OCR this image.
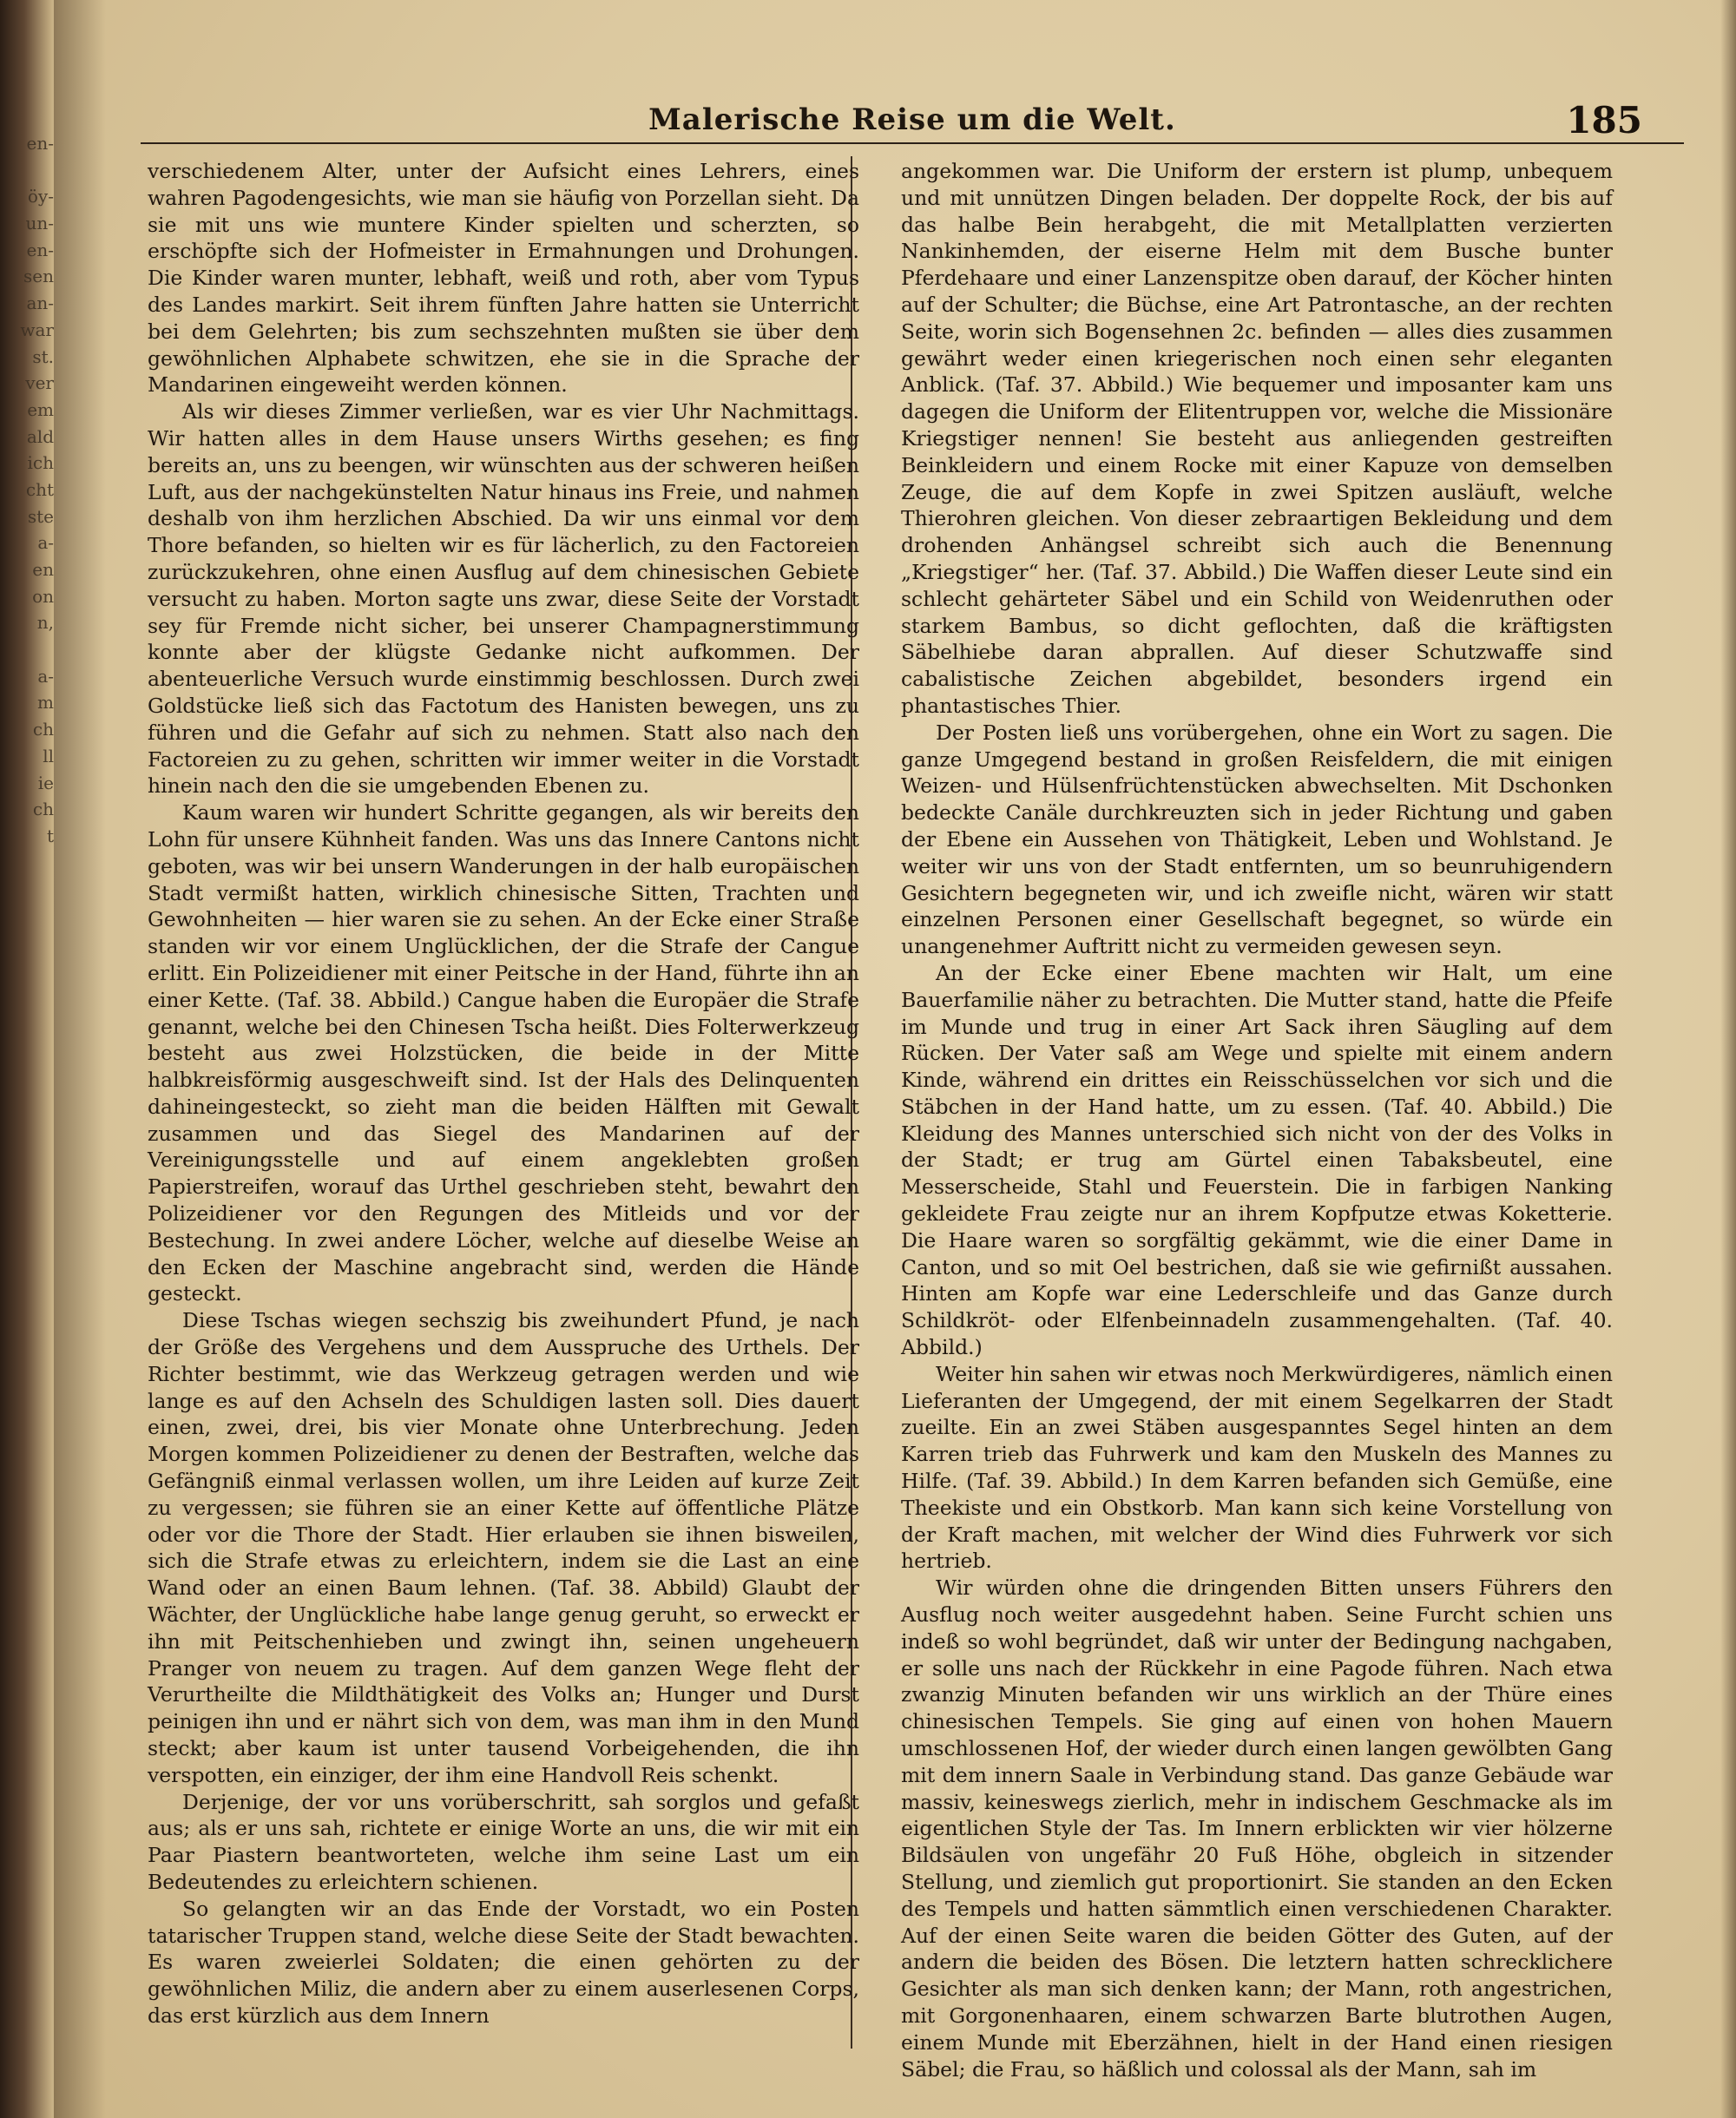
en-
öy-
un-
en-
sen
an-
war
st.
ver
em
ald
ich
cht
ste
a-
en
on
n,
a-
m
ch
ll
ie
ch
t
Malerische Reise um die Welt.	185

verschiedenem Alter, unter der Aufsicht eines Lehrers, eines wahren Pagodengesichts, wie man sie häufig von Porzellan sieht. Da sie mit uns wie muntere Kinder spielten und scherzten, so erschöpfte sich der Hofmeister in Ermahnungen und Drohungen. Die Kinder waren munter, lebhaft, weiß und roth, aber vom Typus des Landes markirt. Seit ihrem fünften Jahre hatten sie Unterricht bei dem Gelehrten; bis zum sechszehnten mußten sie über dem gewöhnlichen Alphabete schwitzen, ehe sie in die Sprache der Mandarinen eingeweiht werden können.

Als wir dieses Zimmer verließen, war es vier Uhr Nachmittags. Wir hatten alles in dem Hause unsers Wirths gesehen; es fing bereits an, uns zu beengen, wir wünschten aus der schweren heißen Luft, aus der nachgekünstelten Natur hinaus ins Freie, und nahmen deshalb von ihm herzlichen Abschied. Da wir uns einmal vor dem Thore befanden, so hielten wir es für lächerlich, zu den Factoreien zurückzukehren, ohne einen Ausflug auf dem chinesischen Gebiete versucht zu haben. Morton sagte uns zwar, diese Seite der Vorstadt sey für Fremde nicht sicher, bei unserer Champagnerstimmung konnte aber der klügste Gedanke nicht aufkommen. Der abenteuerliche Versuch wurde einstimmig beschlossen. Durch zwei Goldstücke ließ sich das Factotum des Hanisten bewegen, uns zu führen und die Gefahr auf sich zu nehmen. Statt also nach den Factoreien zu zu gehen, schritten wir immer weiter in die Vorstadt hinein nach den die sie umgebenden Ebenen zu.

Kaum waren wir hundert Schritte gegangen, als wir bereits den Lohn für unsere Kühnheit fanden. Was uns das Innere Cantons nicht geboten, was wir bei unsern Wanderungen in der halb europäischen Stadt vermißt hatten, wirklich chinesische Sitten, Trachten und Gewohnheiten — hier waren sie zu sehen. An der Ecke einer Straße standen wir vor einem Unglücklichen, der die Strafe der Cangue erlitt. Ein Polizeidiener mit einer Peitsche in der Hand, führte ihn an einer Kette. (Taf. 38. Abbild.) Cangue haben die Europäer die Strafe genannt, welche bei den Chinesen Tscha heißt. Dies Folterwerkzeug besteht aus zwei Holzstücken, die beide in der Mitte halbkreisförmig ausgeschweift sind. Ist der Hals des Delinquenten dahineingesteckt, so zieht man die beiden Hälften mit Gewalt zusammen und das Siegel des Mandarinen auf der Vereinigungsstelle und auf einem angeklebten großen Papierstreifen, worauf das Urthel geschrieben steht, bewahrt den Polizeidiener vor den Regungen des Mitleids und vor der Bestechung. In zwei andere Löcher, welche auf dieselbe Weise an den Ecken der Maschine angebracht sind, werden die Hände gesteckt.

Diese Tschas wiegen sechszig bis zweihundert Pfund, je nach der Größe des Vergehens und dem Ausspruche des Urthels. Der Richter bestimmt, wie das Werkzeug getragen werden und wie lange es auf den Achseln des Schuldigen lasten soll. Dies dauert einen, zwei, drei, bis vier Monate ohne Unterbrechung. Jeden Morgen kommen Polizeidiener zu denen der Bestraften, welche das Gefängniß einmal verlassen wollen, um ihre Leiden auf kurze Zeit zu vergessen; sie führen sie an einer Kette auf öffentliche Plätze oder vor die Thore der Stadt. Hier erlauben sie ihnen bisweilen, sich die Strafe etwas zu erleichtern, indem sie die Last an eine Wand oder an einen Baum lehnen. (Taf. 38. Abbild) Glaubt der Wächter, der Unglückliche habe lange genug geruht, so erweckt er ihn mit Peitschenhieben und zwingt ihn, seinen ungeheuern Pranger von neuem zu tragen. Auf dem ganzen Wege fleht der Verurtheilte die Mildthätigkeit des Volks an; Hunger und Durst peinigen ihn und er nährt sich von dem, was man ihm in den Mund steckt; aber kaum ist unter tausend Vorbeigehenden, die ihn verspotten, ein einziger, der ihm eine Handvoll Reis schenkt.

Derjenige, der vor uns vorüberschritt, sah sorglos und gefaßt aus; als er uns sah, richtete er einige Worte an uns, die wir mit ein Paar Piastern beantworteten, welche ihm seine Last um ein Bedeutendes zu erleichtern schienen.

So gelangten wir an das Ende der Vorstadt, wo ein Posten tatarischer Truppen stand, welche diese Seite der Stadt bewachten. Es waren zweierlei Soldaten; die einen gehörten zu der gewöhnlichen Miliz, die andern aber zu einem auserlesenen Corps, das erst kürzlich aus dem Innern

angekommen war. Die Uniform der erstern ist plump, unbequem und mit unnützen Dingen beladen. Der doppelte Rock, der bis auf das halbe Bein herabgeht, die mit Metallplatten verzierten Nankinhemden, der eiserne Helm mit dem Busche bunter Pferdehaare und einer Lanzenspitze oben darauf, der Köcher hinten auf der Schulter; die Büchse, eine Art Patrontasche, an der rechten Seite, worin sich Bogensehnen 2c. befinden — alles dies zusammen gewährt weder einen kriegerischen noch einen sehr eleganten Anblick. (Taf. 37. Abbild.) Wie bequemer und imposanter kam uns dagegen die Uniform der Elitentruppen vor, welche die Missionäre Kriegstiger nennen! Sie besteht aus anliegenden gestreiften Beinkleidern und einem Rocke mit einer Kapuze von demselben Zeuge, die auf dem Kopfe in zwei Spitzen ausläuft, welche Thierohren gleichen. Von dieser zebraartigen Bekleidung und dem drohenden Anhängsel schreibt sich auch die Benennung „Kriegstiger“ her. (Taf. 37. Abbild.) Die Waffen dieser Leute sind ein schlecht gehärteter Säbel und ein Schild von Weidenruthen oder starkem Bambus, so dicht geflochten, daß die kräftigsten Säbelhiebe daran abprallen. Auf dieser Schutzwaffe sind cabalistische Zeichen abgebildet, besonders irgend ein phantastisches Thier.

Der Posten ließ uns vorübergehen, ohne ein Wort zu sagen. Die ganze Umgegend bestand in großen Reisfeldern, die mit einigen Weizen- und Hülsenfrüchtenstücken abwechselten. Mit Dschonken bedeckte Canäle durchkreuzten sich in jeder Richtung und gaben der Ebene ein Aussehen von Thätigkeit, Leben und Wohlstand. Je weiter wir uns von der Stadt entfernten, um so beunruhigendern Gesichtern begegneten wir, und ich zweifle nicht, wären wir statt einzelnen Personen einer Gesellschaft begegnet, so würde ein unangenehmer Auftritt nicht zu vermeiden gewesen seyn.

An der Ecke einer Ebene machten wir Halt, um eine Bauerfamilie näher zu betrachten. Die Mutter stand, hatte die Pfeife im Munde und trug in einer Art Sack ihren Säugling auf dem Rücken. Der Vater saß am Wege und spielte mit einem andern Kinde, während ein drittes ein Reisschüsselchen vor sich und die Stäbchen in der Hand hatte, um zu essen. (Taf. 40. Abbild.) Die Kleidung des Mannes unterschied sich nicht von der des Volks in der Stadt; er trug am Gürtel einen Tabaksbeutel, eine Messerscheide, Stahl und Feuerstein. Die in farbigen Nanking gekleidete Frau zeigte nur an ihrem Kopfputze etwas Koketterie. Die Haare waren so sorgfältig gekämmt, wie die einer Dame in Canton, und so mit Oel bestrichen, daß sie wie gefirnißt aussahen. Hinten am Kopfe war eine Lederschleife und das Ganze durch Schildkröt- oder Elfenbeinnadeln zusammengehalten. (Taf. 40. Abbild.)

Weiter hin sahen wir etwas noch Merkwürdigeres, nämlich einen Lieferanten der Umgegend, der mit einem Segelkarren der Stadt zueilte. Ein an zwei Stäben ausgespanntes Segel hinten an dem Karren trieb das Fuhrwerk und kam den Muskeln des Mannes zu Hilfe. (Taf. 39. Abbild.) In dem Karren befanden sich Gemüße, eine Theekiste und ein Obstkorb. Man kann sich keine Vorstellung von der Kraft machen, mit welcher der Wind dies Fuhrwerk vor sich hertrieb.

Wir würden ohne die dringenden Bitten unsers Führers den Ausflug noch weiter ausgedehnt haben. Seine Furcht schien uns indeß so wohl begründet, daß wir unter der Bedingung nachgaben, er solle uns nach der Rückkehr in eine Pagode führen. Nach etwa zwanzig Minuten befanden wir uns wirklich an der Thüre eines chinesischen Tempels. Sie ging auf einen von hohen Mauern umschlossenen Hof, der wieder durch einen langen gewölbten Gang mit dem innern Saale in Verbindung stand. Das ganze Gebäude war massiv, keineswegs zierlich, mehr in indischem Geschmacke als im eigentlichen Style der Tas. Im Innern erblickten wir vier hölzerne Bildsäulen von ungefähr 20 Fuß Höhe, obgleich in sitzender Stellung, und ziemlich gut proportionirt. Sie standen an den Ecken des Tempels und hatten sämmtlich einen verschiedenen Charakter. Auf der einen Seite waren die beiden Götter des Guten, auf der andern die beiden des Bösen. Die letztern hatten schrecklichere Gesichter als man sich denken kann; der Mann, roth angestrichen, mit Gorgonenhaaren, einem schwarzen Barte blutrothen Augen, einem Munde mit Eberzähnen, hielt in der Hand einen riesigen Säbel; die Frau, so häßlich und colossal als der Mann, sah im
